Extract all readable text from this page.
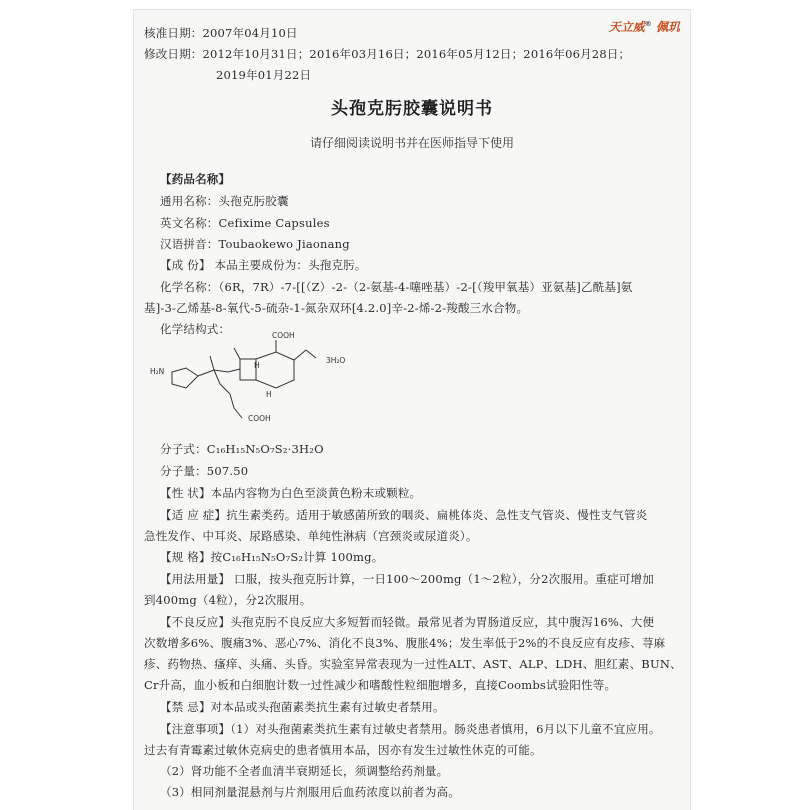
天立威® 佩玑
核准日期：2007年04月10日
修改日期：2012年10月31日；2016年03月16日；2016年05月12日；2016年06月28日；
2019年01月22日
头孢克肟胶囊说明书
请仔细阅读说明书并在医师指导下使用
【药品名称】
通用名称：头孢克肟胶囊
英文名称：Cefixime Capsules
汉语拼音：Toubaokewo Jiaonang
【成 份】 本品主要成份为：头孢克肟。
化学名称：（6R，7R）-7-[[（Z）-2-（2-氨基-4-噻唑基）-2-[（羧甲氧基）亚氨基]乙酰基]氨
基]-3-乙烯基-8-氧代-5-硫杂-1-氮杂双环[4.2.0]辛-2-烯-2-羧酸三水合物。
化学结构式：	COOH
H
H
3H₂O
H₂N
COOH
分子式：C₁₆H₁₅N₅O₇S₂·3H₂O
分子量：507.50
【性 状】本品内容物为白色至淡黄色粉末或颗粒。
【适 应 症】抗生素类药。适用于敏感菌所致的咽炎、扁桃体炎、急性支气管炎、慢性支气管炎
急性发作、中耳炎、尿路感染、单纯性淋病（宫颈炎或尿道炎）。
【规 格】按C₁₆H₁₅N₅O₇S₂计算 100mg。
【用法用量】 口服，按头孢克肟计算，一日100～200mg（1～2粒），分2次服用。重症可增加
到400mg（4粒），分2次服用。
【不良反应】头孢克肟不良反应大多短暂而轻微。最常见者为胃肠道反应，其中腹泻16%、大便
次数增多6%、腹痛3%、恶心7%、消化不良3%、腹胀4%；发生率低于2%的不良反应有皮疹、荨麻
疹、药物热、瘙痒、头痛、头昏。实验室异常表现为一过性ALT、AST、ALP、LDH、胆红素、BUN、
Cr升高，血小板和白细胞计数一过性减少和嗜酸性粒细胞增多，直接Coombs试验阳性等。
【禁 忌】对本品或头孢菌素类抗生素有过敏史者禁用。
【注意事项】（1）对头孢菌素类抗生素有过敏史者禁用。肠炎患者慎用，6月以下儿童不宜应用。
过去有青霉素过敏休克病史的患者慎用本品，因亦有发生过敏性休克的可能。
（2）肾功能不全者血清半衰期延长，须调整给药剂量。
（3）相同剂量混悬剂与片剂服用后血药浓度以前者为高。
